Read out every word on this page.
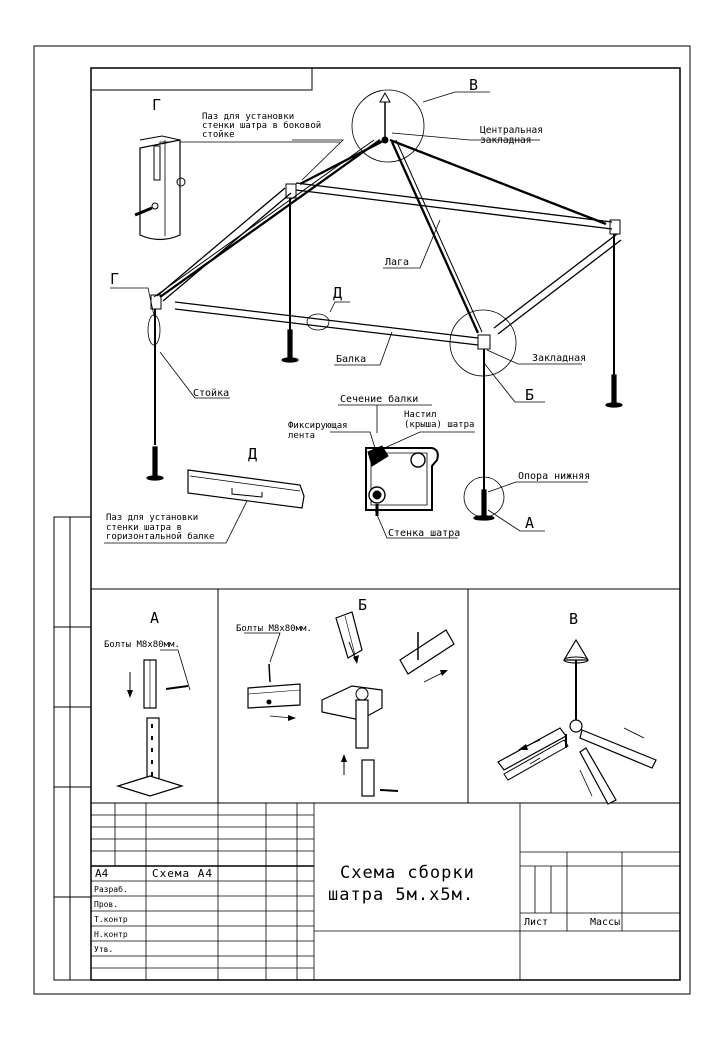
В
Г
Паз для установки
стенки шатра в боковой
стойке	Центральная
закладная
Лага
Г
Д
Балка	Закладная
Стойка	Б
Сечение балки
Настил
(крыша) шатра
Фиксирующая
лента
Д
Опора нижняя
Паз для установки
стенки шатра в
горизонтальной балке
А
Стенка шатра
А
Болты М8х80мм.
Б
Болты М8х80мм.
В
A4	Схема А4
Разраб.
Пров.
Т.контр
Н.контр
Утв.
Схема сборки
шатра 5м.х5м.
Лист	Массы
